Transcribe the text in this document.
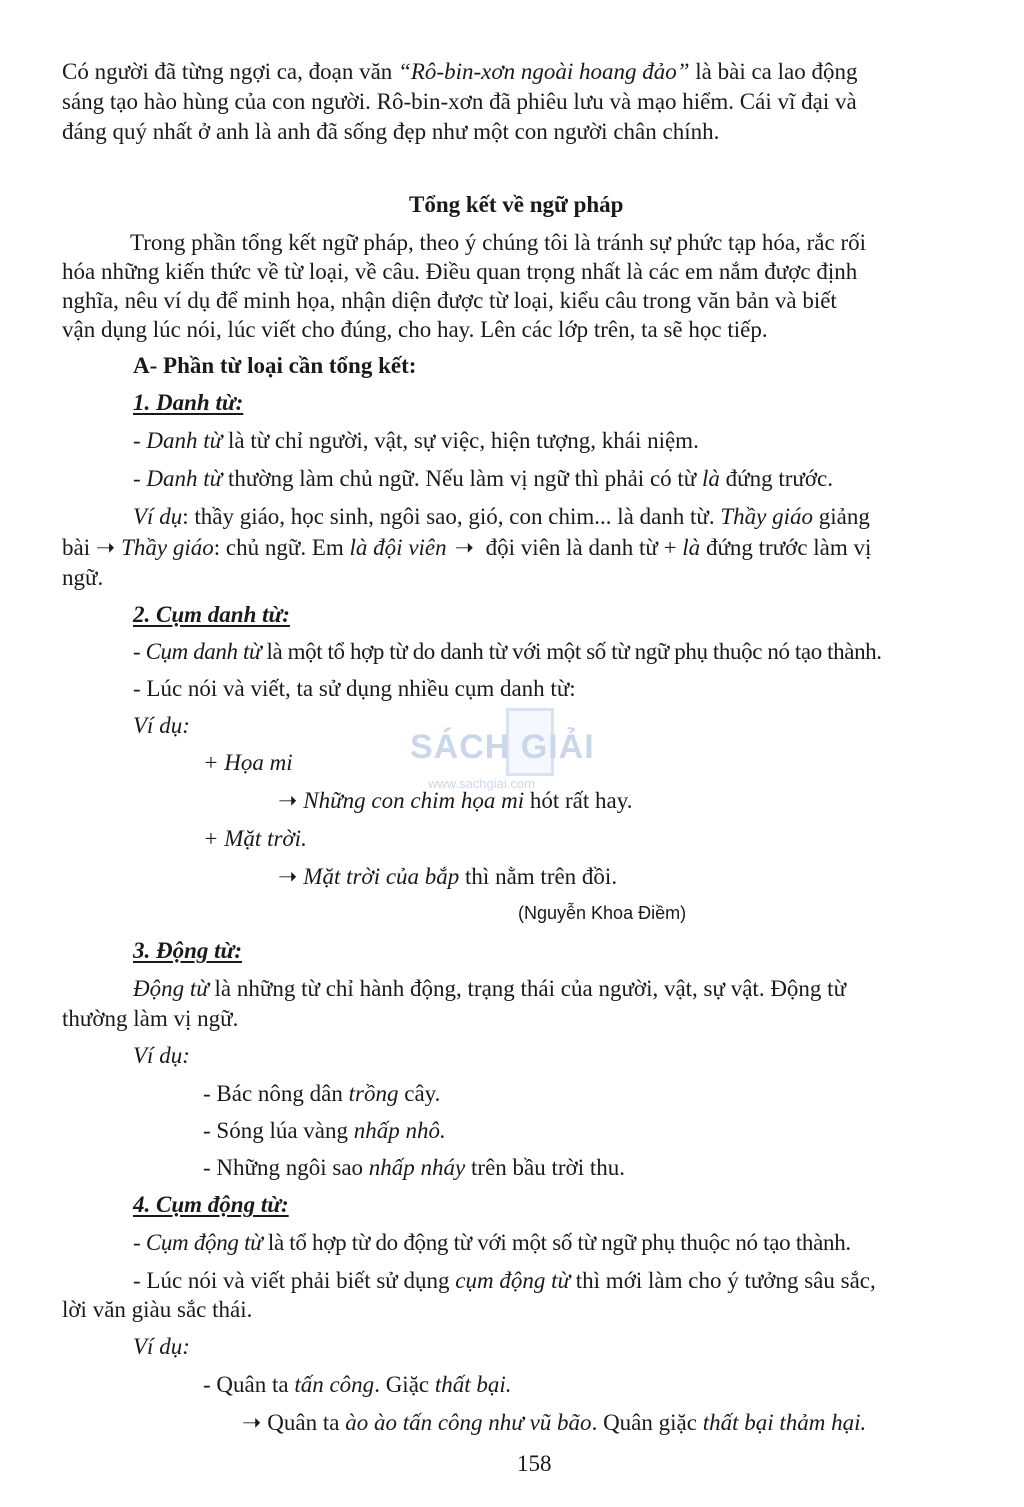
Có người đã từng ngợi ca, đoạn văn “Rô-bin-xơn ngoài hoang đảo” là bài ca lao động
sáng tạo hào hùng của con người. Rô-bin-xơn đã phiêu lưu và mạo hiểm. Cái vĩ đại và
đáng quý nhất ở anh là anh đã sống đẹp như một con người chân chính.
Tổng kết về ngữ pháp
Trong phần tổng kết ngữ pháp, theo ý chúng tôi là tránh sự phức tạp hóa, rắc rối
hóa những kiến thức về từ loại, về câu. Điều quan trọng nhất là các em nắm được định
nghĩa, nêu ví dụ để minh họa, nhận diện được từ loại, kiểu câu trong văn bản và biết
vận dụng lúc nói, lúc viết cho đúng, cho hay. Lên các lớp trên, ta sẽ học tiếp.
A- Phần từ loại cần tổng kết:
1. Danh từ:
- Danh từ là từ chỉ người, vật, sự việc, hiện tượng, khái niệm.
- Danh từ thường làm chủ ngữ. Nếu làm vị ngữ thì phải có từ là đứng trước.
Ví dụ: thầy giáo, học sinh, ngôi sao, gió, con chim... là danh từ. Thầy giáo giảng
bài ➝ Thầy giáo: chủ ngữ. Em là đội viên ➝ đội viên là danh từ + là đứng trước làm vị
ngữ.
2. Cụm danh từ:
- Cụm danh từ là một tổ hợp từ do danh từ với một số từ ngữ phụ thuộc nó tạo thành.
- Lúc nói và viết, ta sử dụng nhiều cụm danh từ:
Ví dụ:
+ Họa mi
➝ Những con chim họa mi hót rất hay.
+ Mặt trời.
➝ Mặt trời của bắp thì nằm trên đồi.
(Nguyễn Khoa Điềm)
3. Động từ:
Động từ là những từ chỉ hành động, trạng thái của người, vật, sự vật. Động từ
thường làm vị ngữ.
Ví dụ:
- Bác nông dân trồng cây.
- Sóng lúa vàng nhấp nhô.
- Những ngôi sao nhấp nháy trên bầu trời thu.
4. Cụm động từ:
- Cụm động từ là tổ hợp từ do động từ với một số từ ngữ phụ thuộc nó tạo thành.
- Lúc nói và viết phải biết sử dụng cụm động từ thì mới làm cho ý tưởng sâu sắc,
lời văn giàu sắc thái.
Ví dụ:
- Quân ta tấn công. Giặc thất bại.
➝ Quân ta ào ào tấn công như vũ bão. Quân giặc thất bại thảm hại.
SÁCH GIẢI
www.sachgiai.com
158
